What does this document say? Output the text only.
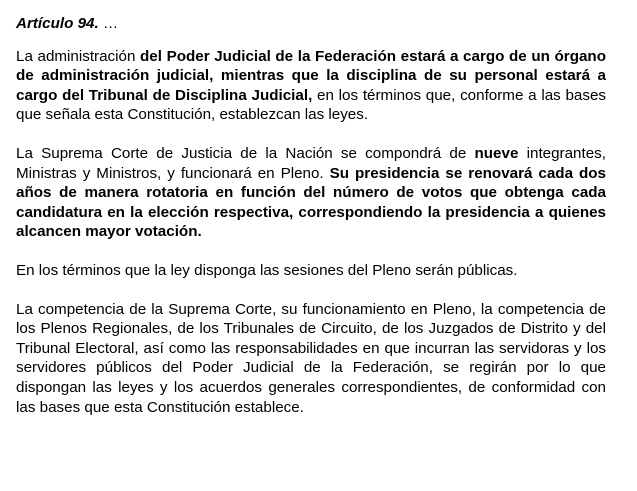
Artículo 94. …

La administración del Poder Judicial de la Federación estará a cargo de un órgano de administración judicial, mientras que la disciplina de su personal estará a cargo del Tribunal de Disciplina Judicial, en los términos que, conforme a las bases que señala esta Constitución, establezcan las leyes.

La Suprema Corte de Justicia de la Nación se compondrá de nueve integrantes, Ministras y Ministros, y funcionará en Pleno. Su presidencia se renovará cada dos años de manera rotatoria en función del número de votos que obtenga cada candidatura en la elección respectiva, correspondiendo la presidencia a quienes alcancen mayor votación.

En los términos que la ley disponga las sesiones del Pleno serán públicas.

La competencia de la Suprema Corte, su funcionamiento en Pleno, la competencia de los Plenos Regionales, de los Tribunales de Circuito, de los Juzgados de Distrito y del Tribunal Electoral, así como las responsabilidades en que incurran las servidoras y los servidores públicos del Poder Judicial de la Federación, se regirán por lo que dispongan las leyes y los acuerdos generales correspondientes, de conformidad con las bases que esta Constitución establece.
